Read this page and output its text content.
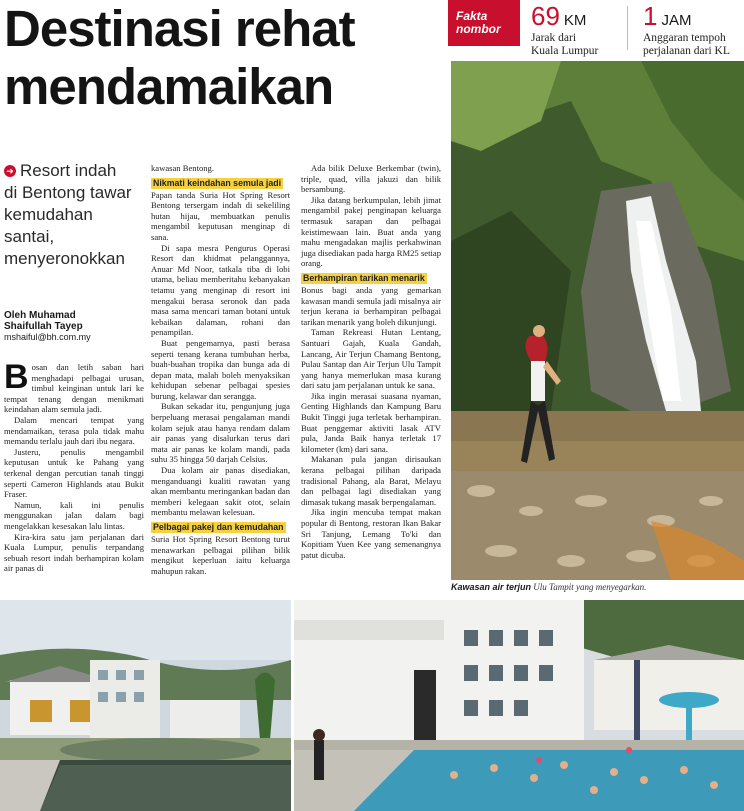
Destinasi rehat
mendamaikan
Fakta
nombor	69 KM
Jarak dari
Kuala Lumpur
1 JAM
Anggaran tempoh
perjalanan dari KL
➜ Resort indah
di Bentong tawar
kemudahan
santai,
menyeronokkan
Oleh Muhamad
Shaifullah Tayep
mshaiful@bh.com.my

Bosan dan letih saban hari menghadapi pelbagai urusan, timbul keinginan untuk lari ke tempat tenang dengan menikmati keindahan alam semula jadi.

Dalam mencari tempat yang mendamaikan, terasa pula tidak mahu memandu terlalu jauh dari ibu negara.

Justeru, penulis mengambil keputusan untuk ke Pahang yang terkenal dengan percutian tanah tinggi seperti Cameron Highlands atau Bukit Fraser.

Namun, kali ini penulis menggunakan jalan dalam bagi mengelakkan kesesakan lalu lintas.

Kira-kira satu jam perjalanan dari Kuala Lumpur, penulis terpandang sebuah resort indah berhampiran kolam air panas di

kawasan Bentong.

Nikmati keindahan semula jadi

Papan tanda Suria Hot Spring Resort Bentong tersergam indah di sekeliling hutan hijau, membuatkan penulis mengambil keputusan menginap di sana.

Di sapa mesra Pengurus Operasi Resort dan khidmat pelanggannya, Anuar Md Noor, tatkala tiba di lobi utama, beliau memberitahu kebanyakan tetamu yang menginap di resort ini mengakui berasa seronok dan pada masa sama mencari taman botani untuk kebaikan dalaman, rohani dan penampilan.

Buat pengemarnya, pasti berasa seperti tenang kerana tumbuhan herba, buah-buahan tropika dan bunga ada di depan mata, malah boleh menyaksikan kehidupan sebenar pelbagai spesies burung, kelawar dan serangga.

Bukan sekadar itu, pengunjung juga berpeluang merasai pengalaman mandi kolam sejuk atau hanya rendam dalam air panas yang disalurkan terus dari mata air panas ke kolam mandi, pada suhu 35 hingga 50 darjah Celsius.

Dua kolam air panas disediakan, menganduangi kualiti rawatan yang akan membantu meringankan badan dan memberi kelegaan sakit otot, selain membantu melawan kelesuan.

Pelbagai pakej dan kemudahan

Suria Hot Spring Resort Bentong turut menawarkan pelbagai pilihan bilik mengikut keperluan iaitu keluarga mahupun rakan.

Ada bilik Deluxe Berkembar (twin), triple, quad, villa jakuzi dan bilik bersambung.

Jika datang berkumpulan, lebih jimat mengambil pakej penginapan keluarga termasuk sarapan dan pelbagai keistimewaan lain. Buat anda yang mahu mengadakan majlis perkahwinan juga disediakan pada harga RM25 setiap orang.

Berhampiran tarikan menarik

Bonus bagi anda yang gemarkan kawasan mandi semula jadi misalnya air terjun kerana ia berhampiran pelbagai tarikan menarik yang boleh dikunjungi.

Taman Rekreasi Hutan Lentang, Santuari Gajah, Kuala Gandah, Lancang, Air Terjun Chamang Bentong, Pulau Santap dan Air Terjun Ulu Tampit yang hanya memerlukan masa kurang dari satu jam perjalanan untuk ke sana.

Jika ingin merasai suasana nyaman, Genting Highlands dan Kampung Baru Bukit Tinggi juga terletak berhampiran. Buat penggemar aktiviti lasak ATV pula, Janda Baik hanya terletak 17 kilometer (km) dari sana.

Makanan pula jangan dirisaukan kerana pelbagai pilihan daripada tradisional Pahang, ala Barat, Melayu dan pelbagai lagi disediakan yang dimasak tukang masak berpengalaman.

Jika ingin mencuba tempat makan popular di Bentong, restoran Ikan Bakar Sri Tanjung, Lemang To'ki dan Kopitiam Yuen Kee yang semenangnya patut dicuba.

Kawasan air terjun Ulu Tampit yang menyegarkan.
